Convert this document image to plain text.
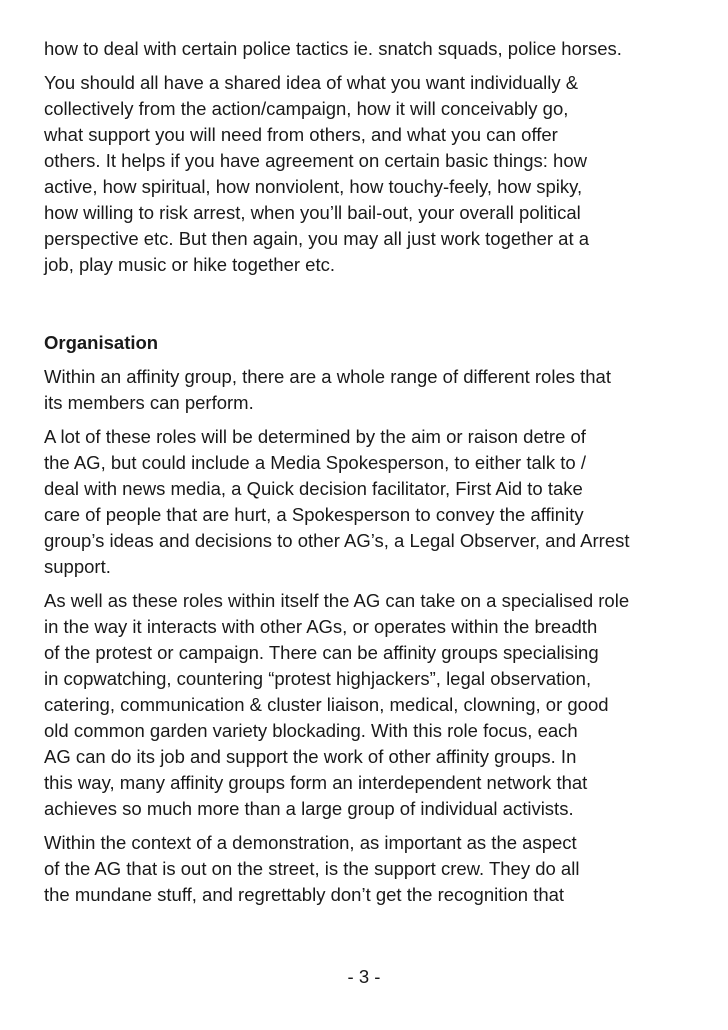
how to deal with certain police tactics ie. snatch squads, police horses.

You should all have a shared idea of what you want individually &
collectively from the action/campaign, how it will conceivably go,
what support you will need from others, and what you can offer
others. It helps if you have agreement on certain basic things: how
active, how spiritual, how nonviolent, how touchy-feely, how spiky,
how willing to risk arrest, when you’ll bail-out, your overall political
perspective etc. But then again, you may all just work together at a
job, play music or hike together etc.

Organisation

Within an affinity group, there are a whole range of different roles that
its members can perform.

A lot of these roles will be determined by the aim or raison detre of
the AG, but could include a Media Spokesperson, to either talk to /
deal with news media, a Quick decision facilitator, First Aid to take
care of people that are hurt, a Spokesperson to convey the affinity
group’s ideas and decisions to other AG’s, a Legal Observer, and Arrest
support.

As well as these roles within itself the AG can take on a specialised role
in the way it interacts with other AGs, or operates within the breadth
of the protest or campaign. There can be affinity groups specialising
in copwatching, countering “protest highjackers”, legal observation,
catering, communication & cluster liaison, medical, clowning, or good
old common garden variety blockading. With this role focus, each
AG can do its job and support the work of other affinity groups. In
this way, many affinity groups form an interdependent network that
achieves so much more than a large group of individual activists.

Within the context of a demonstration, as important as the aspect
of the AG that is out on the street, is the support crew. They do all
the mundane stuff, and regrettably don’t get the recognition that

- 3 -
